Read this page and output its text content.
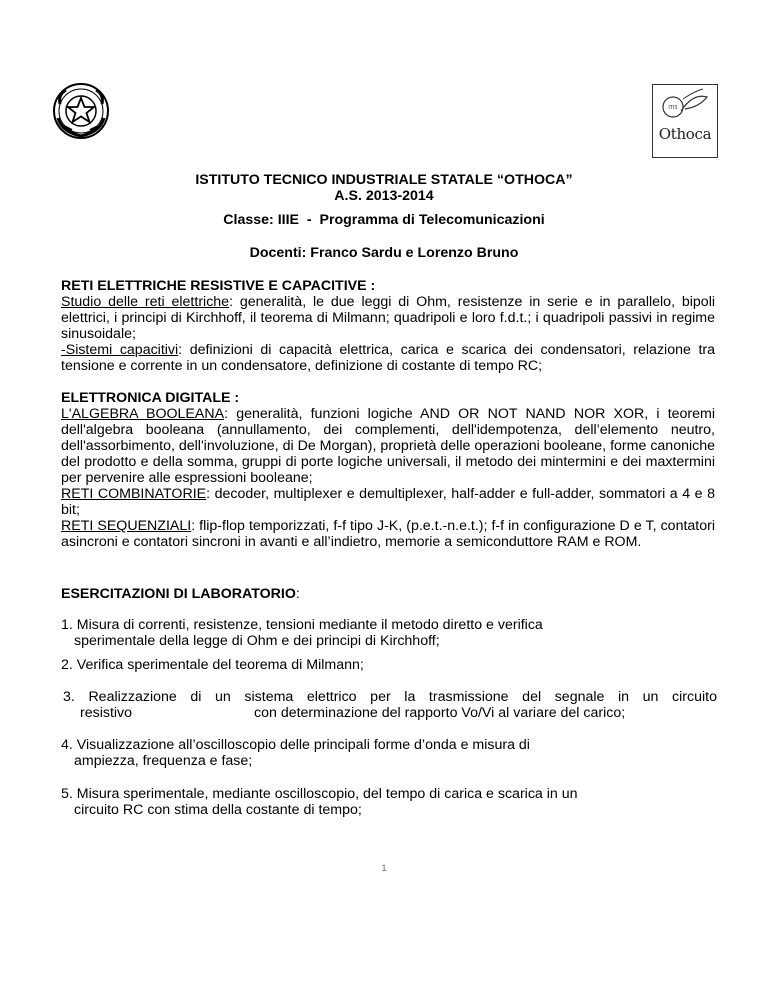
ITIS
Othoca
ISTITUTO TECNICO INDUSTRIALE STATALE “OTHOCA”
A.S. 2013-2014
Classe: IIIE  -  Programma di Telecomunicazioni
Docenti: Franco Sardu e Lorenzo Bruno
RETI ELETTRICHE RESISTIVE E CAPACITIVE :
Studio delle reti elettriche: generalità, le due leggi di Ohm, resistenze in serie e in parallelo, bipoli elettrici, i principi di Kirchhoff, il teorema di Milmann; quadripoli e loro f.d.t.; i quadripoli passivi in regime sinusoidale;
-Sistemi capacitivi: definizioni di capacità elettrica, carica e scarica dei condensatori, relazione tra tensione e corrente in un condensatore, definizione di costante di tempo RC;
ELETTRONICA DIGITALE :
L'ALGEBRA BOOLEANA: generalità, funzioni logiche AND OR NOT NAND NOR XOR, i teoremi dell'algebra booleana (annullamento, dei complementi, dell'idempotenza, dell’elemento neutro, dell'assorbimento, dell'involuzione, di De Morgan), proprietà delle operazioni booleane, forme canoniche del prodotto e della somma, gruppi di porte logiche universali, il metodo dei mintermini e dei maxtermini per pervenire alle espressioni booleane;
RETI COMBINATORIE: decoder, multiplexer e demultiplexer, half-adder e full-adder, sommatori a 4 e 8 bit;
RETI SEQUENZIALI: flip-flop temporizzati, f-f tipo J-K, (p.e.t.-n.e.t.); f-f in configurazione D e T, contatori asincroni e contatori sincroni in avanti e all’indietro, memorie a semiconduttore RAM e ROM.
ESERCITAZIONI DI LABORATORIO:
1. Misura di correnti, resistenze, tensioni mediante il metodo diretto e verifica
sperimentale della legge di Ohm e dei principi di Kirchhoff;
2. Verifica sperimentale del teorema di Milmann;
3. Realizzazione di un sistema elettrico per la trasmissione del segnale in un circuito
resistivo	con determinazione del rapporto Vo/Vi al variare del carico;
4. Visualizzazione all’oscilloscopio delle principali forme d’onda e misura di
ampiezza, frequenza e fase;
5. Misura sperimentale, mediante oscilloscopio, del tempo di carica e scarica in un
circuito RC con stima della costante di tempo;
1
